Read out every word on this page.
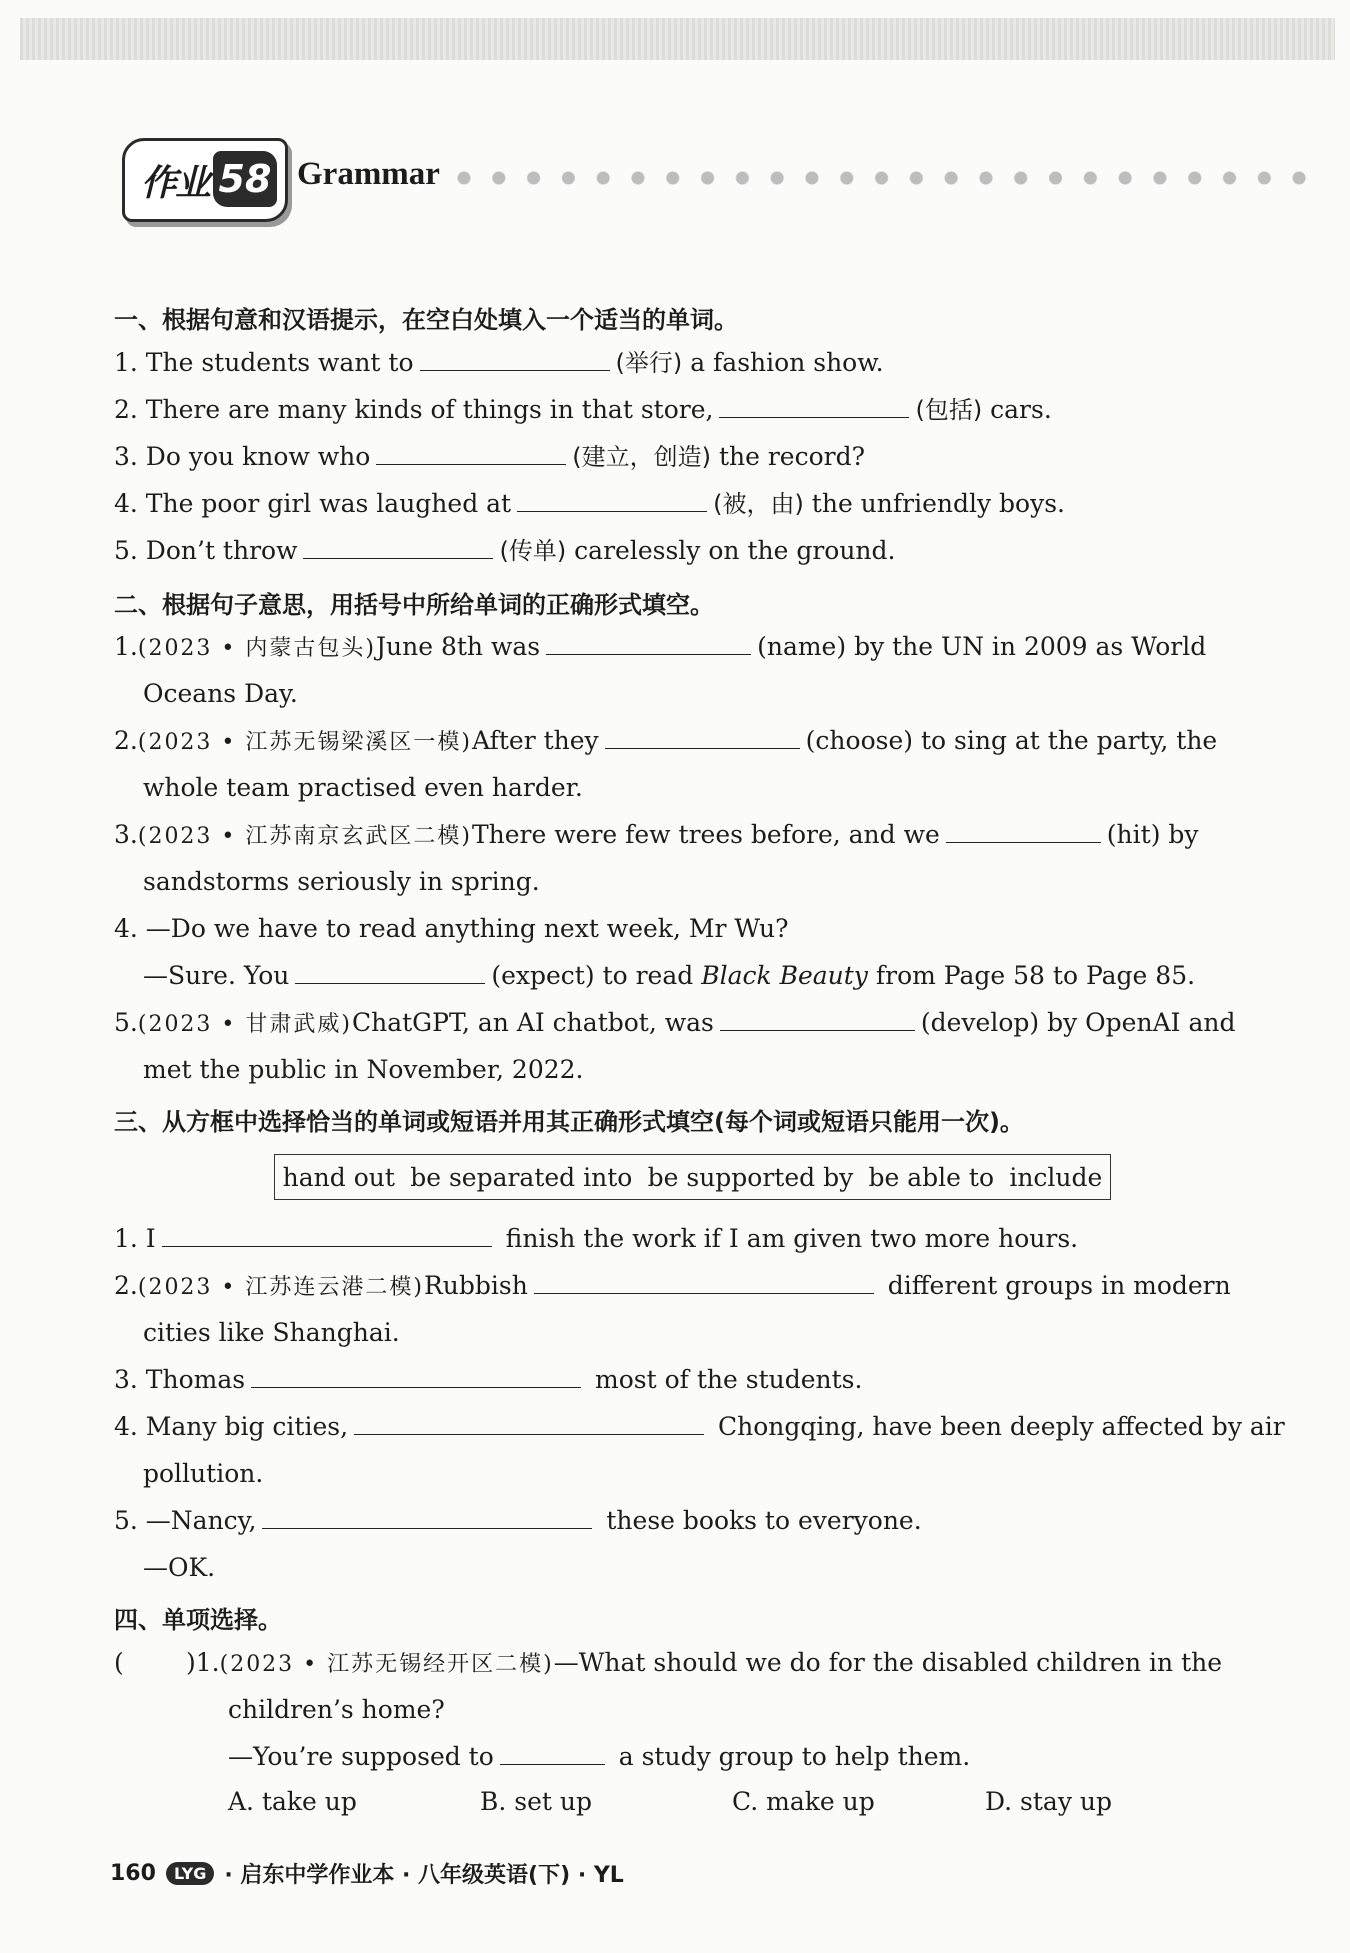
作业 58 Grammar
一、根据句意和汉语提示，在空白处填入一个适当的单词。
1. The students want to	(举行) a fashion show.
2. There are many kinds of things in that store,	(包括) cars.
3. Do you know who	(建立，创造) the record?
4. The poor girl was laughed at	(被，由) the unfriendly boys.
5. Don’t throw	(传单) carelessly on the ground.
二、根据句子意思，用括号中所给单词的正确形式填空。
1.(2023 • 内蒙古包头)June 8th was	(name) by the UN in 2009 as World
Oceans Day.
2.(2023 • 江苏无锡梁溪区一模)After they	(choose) to sing at the party, the
whole team practised even harder.
3.(2023 • 江苏南京玄武区二模)There were few trees before, and we	(hit) by
sandstorms seriously in spring.
4. —Do we have to read anything next week, Mr Wu?
—Sure. You	(expect) to read Black Beauty from Page 58 to Page 85.
5.(2023 • 甘肃武威)ChatGPT, an AI chatbot, was	(develop) by OpenAI and
met the public in November, 2022.
三、从方框中选择恰当的单词或短语并用其正确形式填空(每个词或短语只能用一次)。
hand out be separated into be supported by be able to include
1. I	finish the work if I am given two more hours.
2.(2023 • 江苏连云港二模)Rubbish	different groups in modern
cities like Shanghai.
3. Thomas	most of the students.
4. Many big cities,	Chongqing, have been deeply affected by air
pollution.
5. —Nancy,	these books to everyone.
—OK.
四、单项选择。
( )1.(2023 • 江苏无锡经开区二模)—What should we do for the disabled children in the
children’s home?
—You’re supposed to	a study group to help them.
A. take up	B. set up	C. make up	D. stay up
160	LYG · 启东中学作业本 · 八年级英语(下) · YL
